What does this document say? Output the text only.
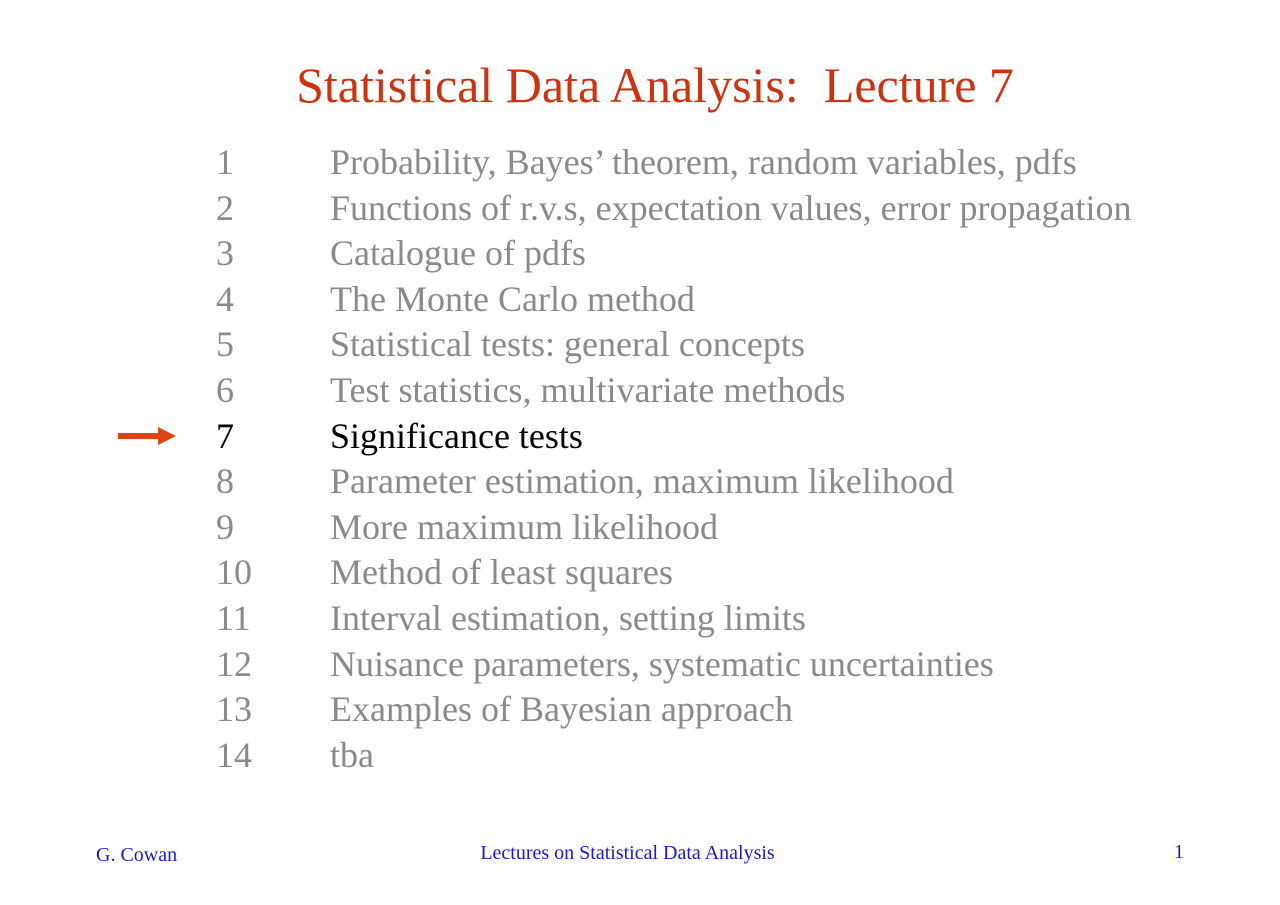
Statistical Data Analysis:  Lecture 7
1	Probability, Bayes’ theorem, random variables, pdfs
2	Functions of r.v.s, expectation values, error propagation
3	Catalogue of pdfs
4	The Monte Carlo method
5	Statistical tests: general concepts
6	Test statistics, multivariate methods
7	Significance tests
8	Parameter estimation, maximum likelihood
9	More maximum likelihood
10 Method of least squares
11 Interval estimation, setting limits
12 Nuisance parameters, systematic uncertainties
13 Examples of Bayesian approach
14 tba
G. Cowan	Lectures on Statistical Data Analysis	1
